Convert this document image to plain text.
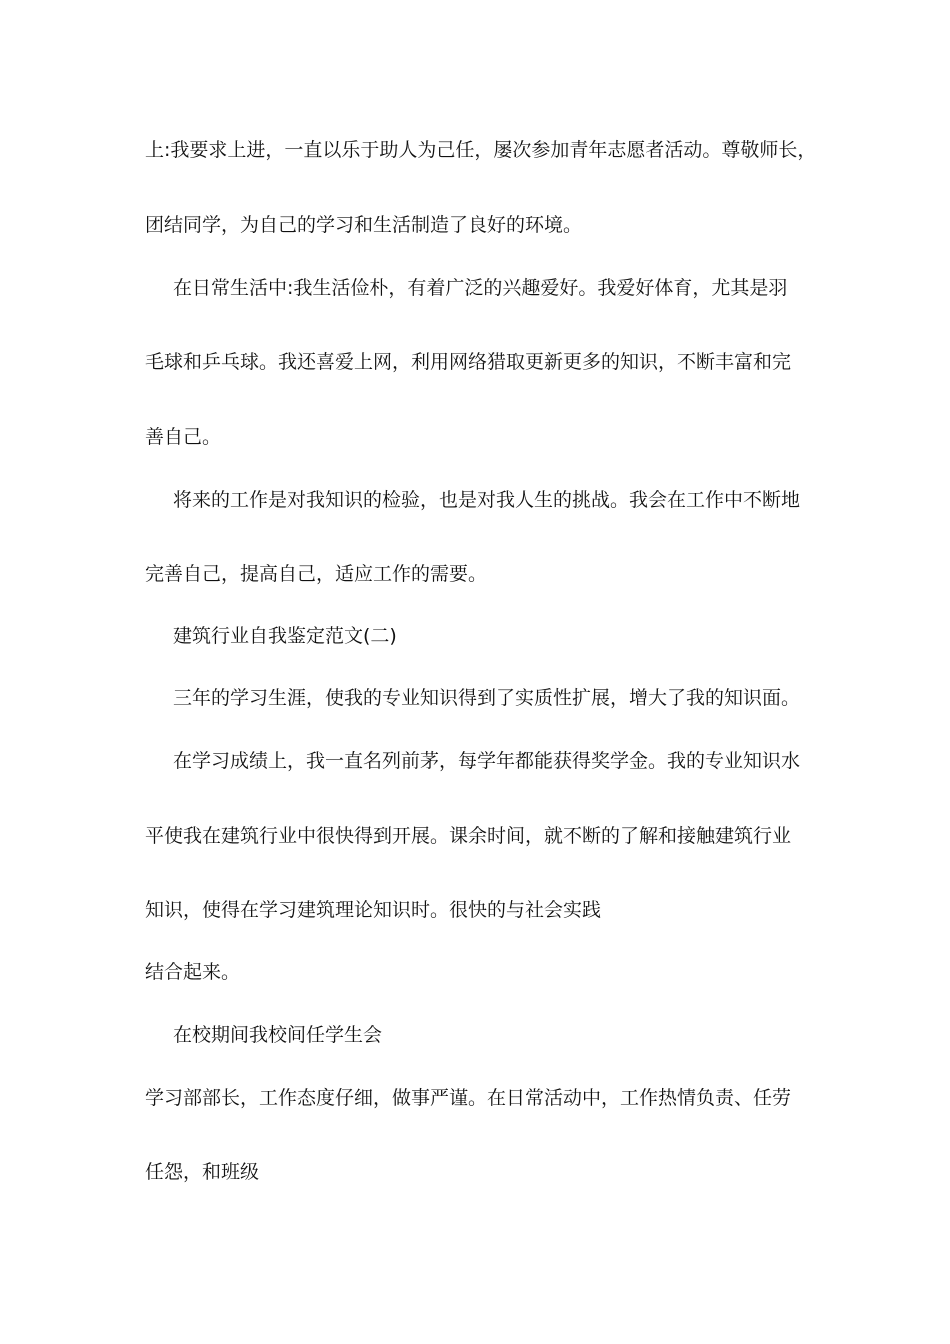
上:我要求上进，一直以乐于助人为己任，屡次参加青年志愿者活动。尊敬师长，
团结同学，为自己的学习和生活制造了良好的环境。
在日常生活中:我生活俭朴，有着广泛的兴趣爱好。我爱好体育，尤其是羽
毛球和乒乓球。我还喜爱上网，利用网络猎取更新更多的知识，不断丰富和完
善自己。
将来的工作是对我知识的检验，也是对我人生的挑战。我会在工作中不断地
完善自己，提高自己，适应工作的需要。
建筑行业自我鉴定范文(二)
三年的学习生涯，使我的专业知识得到了实质性扩展，增大了我的知识面。
在学习成绩上，我一直名列前茅，每学年都能获得奖学金。我的专业知识水
平使我在建筑行业中很快得到开展。课余时间，就不断的了解和接触建筑行业
知识，使得在学习建筑理论知识时。很快的与社会实践
结合起来。
在校期间我校间任学生会
学习部部长，工作态度仔细，做事严谨。在日常活动中，工作热情负责、任劳
任怨，和班级
